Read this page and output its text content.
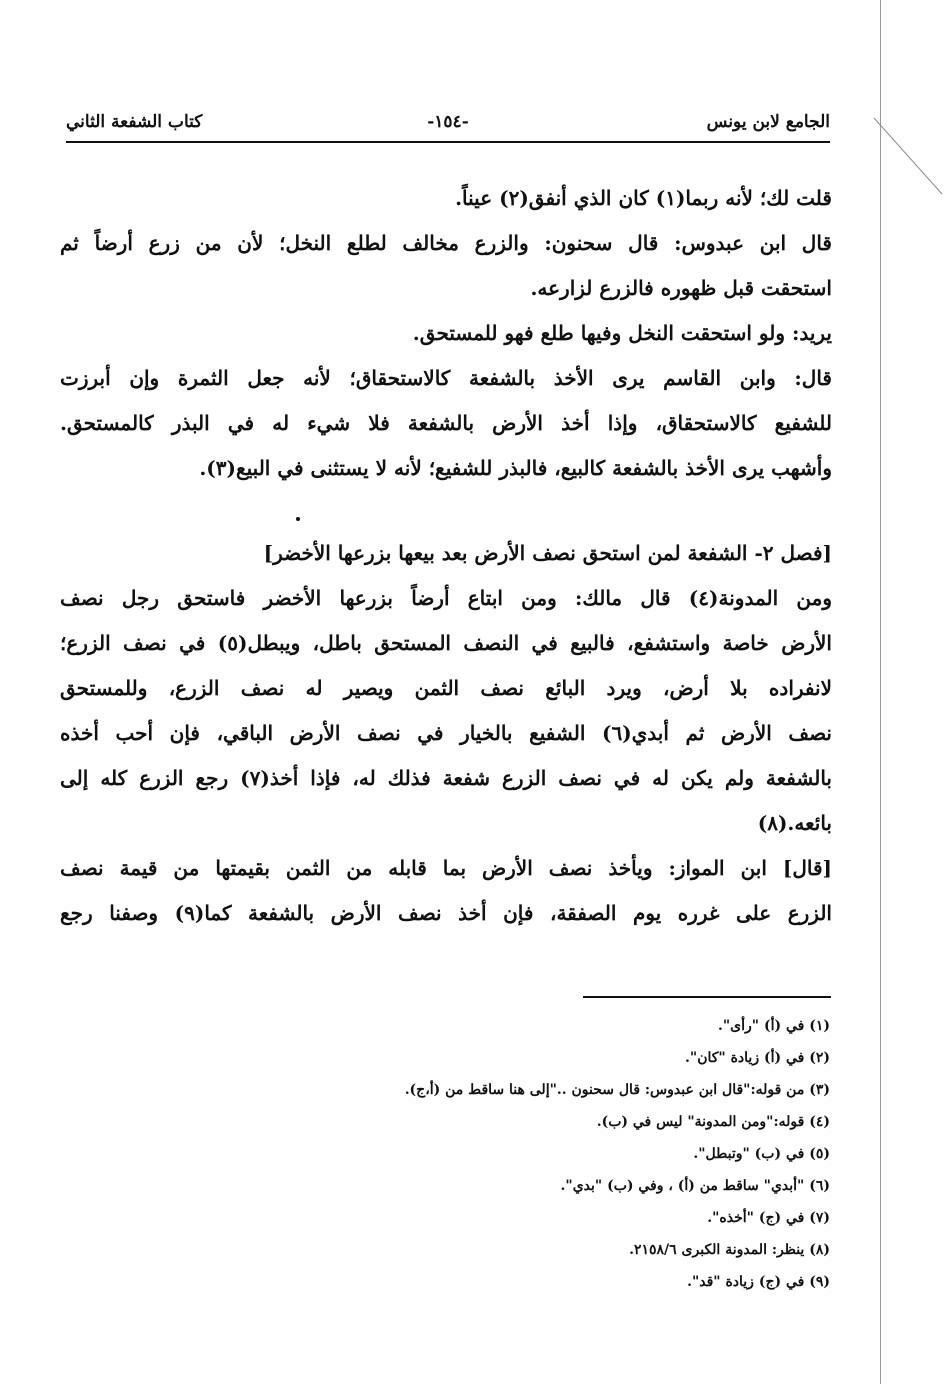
الجامع لابن يونس
-١٥٤-
كتاب الشفعة الثاني
قلت لك؛ لأنه ربما(١) كان الذي أنفق(٢) عيناً.
قال ابن عبدوس: قال سحنون: والزرع مخالف لطلع النخل؛ لأن من زرع أرضاً ثم
استحقت قبل ظهوره فالزرع لزارعه.
يريد: ولو استحقت النخل وفيها طلع فهو للمستحق.
قال: وابن القاسم يرى الأخذ بالشفعة كالاستحقاق؛ لأنه جعل الثمرة وإن أبرزت
للشفيع كالاستحقاق، وإذا أخذ الأرض بالشفعة فلا شيء له في البذر كالمستحق.
وأشهب يرى الأخذ بالشفعة كالبيع، فالبذر للشفيع؛ لأنه لا يستثنى في البيع(٣).
[فصل ٢- الشفعة لمن استحق نصف الأرض بعد بيعها بزرعها الأخضر]
ومن المدونة(٤) قال مالك: ومن ابتاع أرضاً بزرعها الأخضر فاستحق رجل نصف
الأرض خاصة واستشفع، فالبيع في النصف المستحق باطل، ويبطل(٥) في نصف الزرع؛
لانفراده بلا أرض، ويرد البائع نصف الثمن ويصير له نصف الزرع، وللمستحق
نصف الأرض ثم أبدي(٦) الشفيع بالخيار في نصف الأرض الباقي، فإن أحب أخذه
بالشفعة ولم يكن له في نصف الزرع شفعة فذلك له، فإذا أخذ(٧) رجع الزرع كله إلى
بائعه.(٨)
[قال] ابن المواز: ويأخذ نصف الأرض بما قابله من الثمن بقيمتها من قيمة نصف
الزرع على غرره يوم الصفقة، فإن أخذ نصف الأرض بالشفعة كما(٩) وصفنا رجع
(١) في (أ) "رأى".
(٢) في (أ) زيادة "كان".
(٣) من قوله:"قال ابن عبدوس: قال سحنون .."إلى هنا ساقط من (أ،ج).
(٤) قوله:"ومن المدونة" ليس في (ب).
(٥) في (ب) "وتبطل".
(٦) "أبدي" ساقط من (أ) ، وفي (ب) "بدي".
(٧) في (ج) "أخذه".
(٨) ينظر: المدونة الكبرى ٢١٥٨/٦.
(٩) في (ج) زيادة "قد".
